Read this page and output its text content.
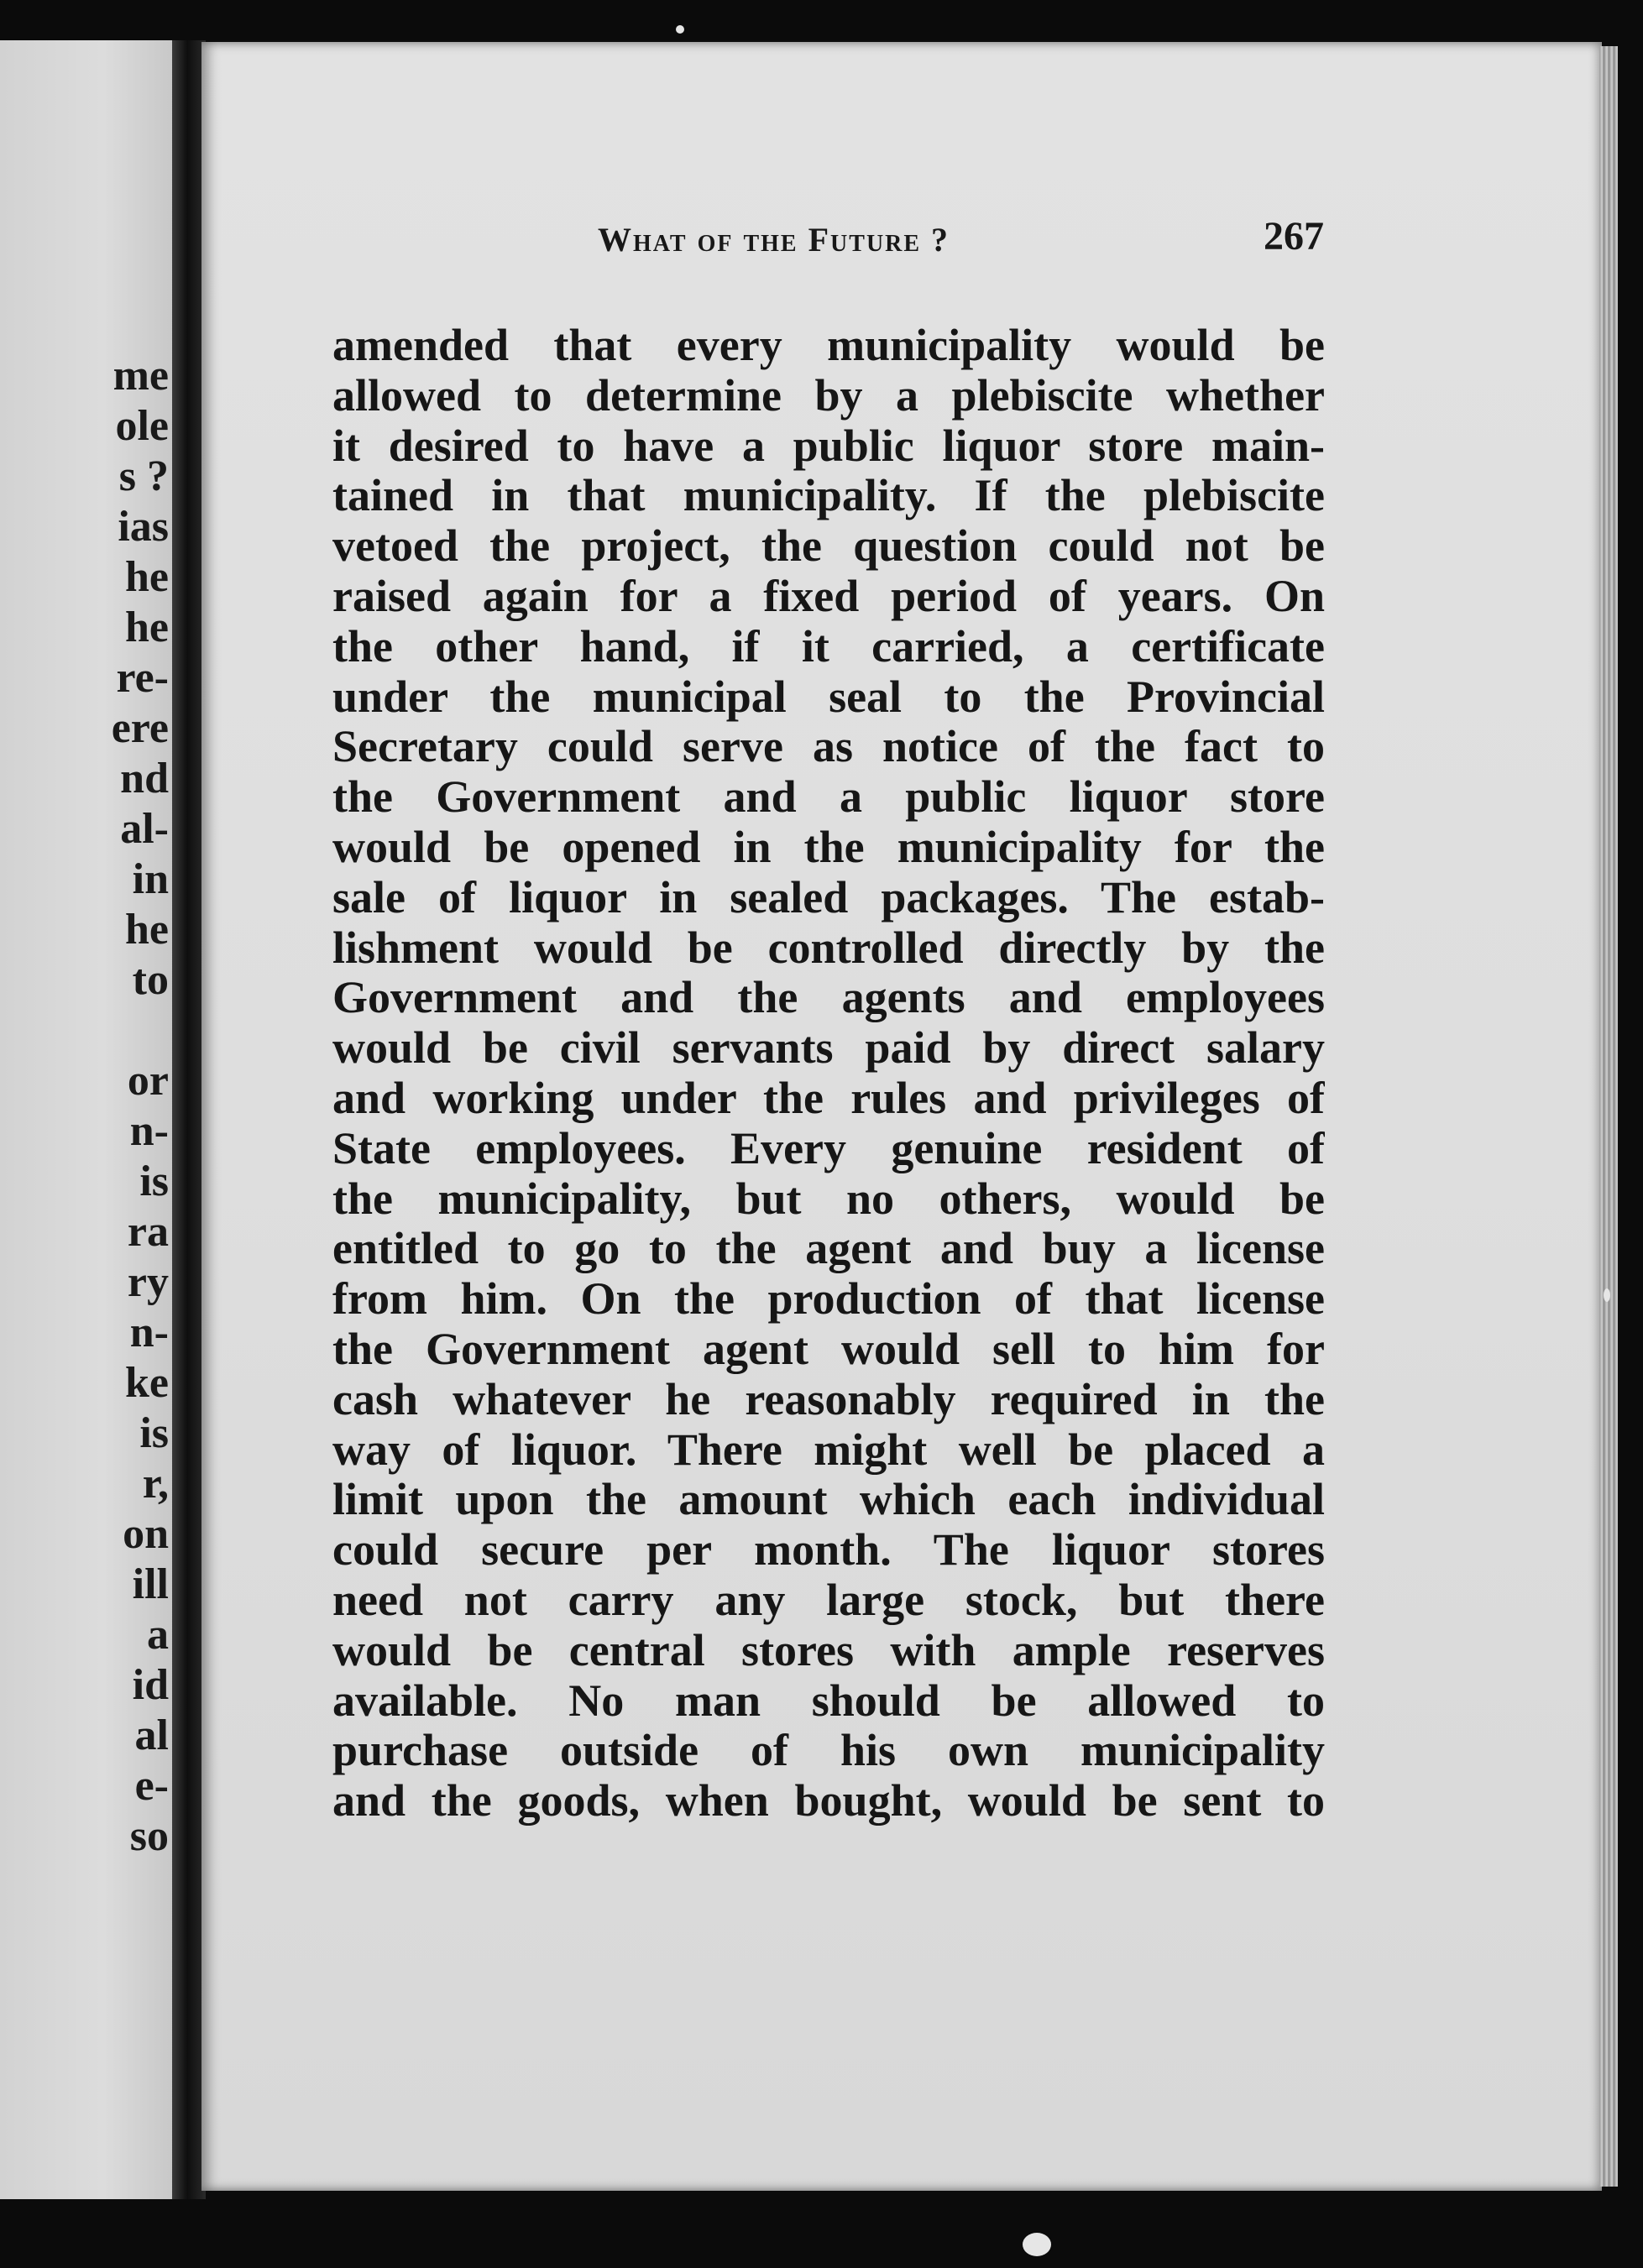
me
ole
s ?
ias
he
he
re-
ere
nd
al-
in
he
to
or
n-
is
ra
ry
n-
ke
is
r,
on
ill
a
id
al
e-
so
What of the Future ?	267
amended that every municipality would be
allowed to determine by a plebiscite whether
it desired to have a public liquor store main-
tained in that municipality. If the plebiscite
vetoed the project, the question could not be
raised again for a fixed period of years. On
the other hand, if it carried, a certificate
under the municipal seal to the Provincial
Secretary could serve as notice of the fact to
the Government and a public liquor store
would be opened in the municipality for the
sale of liquor in sealed packages. The estab-
lishment would be controlled directly by the
Government and the agents and employees
would be civil servants paid by direct salary
and working under the rules and privileges of
State employees. Every genuine resident of
the municipality, but no others, would be
entitled to go to the agent and buy a license
from him. On the production of that license
the Government agent would sell to him for
cash whatever he reasonably required in the
way of liquor. There might well be placed a
limit upon the amount which each individual
could secure per month. The liquor stores
need not carry any large stock, but there
would be central stores with ample reserves
available. No man should be allowed to
purchase outside of his own municipality
and the goods, when bought, would be sent to
